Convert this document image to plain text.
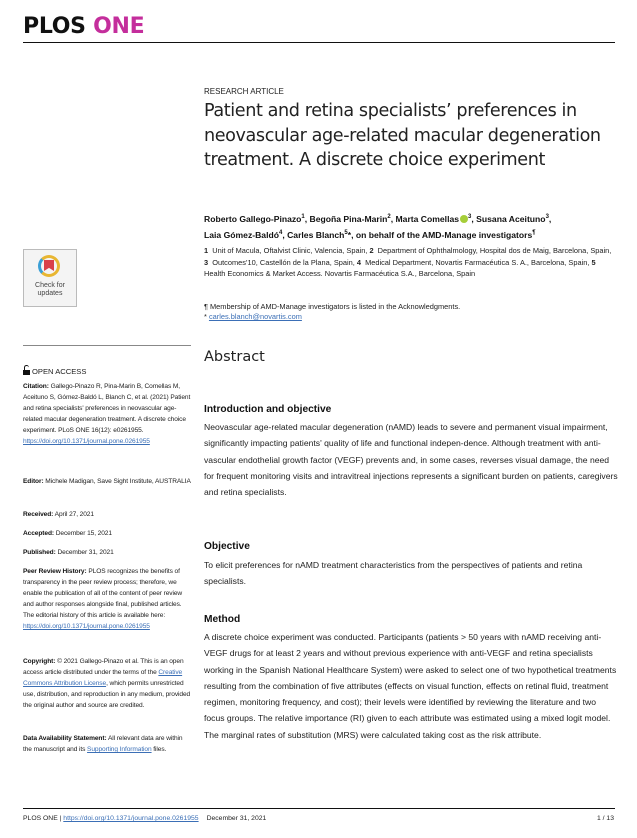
PLOS ONE
RESEARCH ARTICLE
Patient and retina specialists’ preferences in neovascular age-related macular degeneration treatment. A discrete choice experiment
Roberto Gallego-Pinazo$^1$, Begoña Pina-Marin$^2$, Marta Comellas $^3$, Susana Aceituno$^3$,
Laia Gómez-Baldó$^4$, Carles Blanch$^5$*, on behalf of the AMD-Manage investigators¶
1 Unit of Macula, Oftalvist Clinic, Valencia, Spain, 2 Department of Ophthalmology, Hospital dos de Maig, Barcelona, Spain, 3 Outcomes’10, Castellón de la Plana, Spain, 4 Medical Department, Novartis Farmacéutica S. A., Barcelona, Spain, 5  Health Economics & Market Access. Novartis Farmacéutica S.A., Barcelona, Spain
¶ Membership of AMD-Manage investigators is listed in the Acknowledgments.
* carles.blanch@novartis.com
Check for
updates
OPEN ACCESS
Citation: Gallego-Pinazo R, Pina-Marin B, Comellas M, Aceituno S, Gómez-Baldó L, Blanch C, et al. (2021) Patient and retina specialists' preferences in neovascular age-related macular degeneration treatment. A discrete choice experiment. PLoS ONE 16(12): e0261955. https://doi.org/10.1371/journal.pone.0261955
Editor: Michele Madigan, Save Sight Institute, AUSTRALIA
Received: April 27, 2021
Accepted: December 15, 2021
Published: December 31, 2021
Peer Review History: PLOS recognizes the benefits of transparency in the peer review process; therefore, we enable the publication of all of the content of peer review and author responses alongside final, published articles. The editorial history of this article is available here: https://doi.org/10.1371/journal.pone.0261955
Copyright: © 2021 Gallego-Pinazo et al. This is an open access article distributed under the terms of the Creative Commons Attribution License, which permits unrestricted use, distribution, and reproduction in any medium, provided the original author and source are credited.
Data Availability Statement: All relevant data are within the manuscript and its Supporting Information files.
Abstract
Introduction and objective
Neovascular age-related macular degeneration (nAMD) leads to severe and permanent visual impairment, significantly impacting patients' quality of life and functional indepen-dence. Although treatment with anti- vascular endothelial growth factor (VEGF) prevents and, in some cases, reverses visual damage, the need for frequent monitoring visits and intravitreal injections represents a significant burden on patients, caregivers and retina specialists.
Objective
To elicit preferences for nAMD treatment characteristics from the perspectives of patients and retina specialists.
Method
A discrete choice experiment was conducted. Participants (patients > 50 years with nAMD receiving anti-VEGF drugs for at least 2 years and without previous experience with anti-VEGF and retina specialists working in the Spanish National Healthcare System) were asked to select one of two hypothetical treatments resulting from the combination of five attributes (effects on visual function, effects on retinal fluid, treatment regimen, monitoring frequency, and cost); their levels were identified by reviewing the literature and two focus groups. The relative importance (RI) given to each attribute was estimated using a mixed logit model. The marginal rates of substitution (MRS) were calculated taking cost as the risk attribute.
PLOS ONE | https://doi.org/10.1371/journal.pone.0261955 December 31, 2021	1 / 13
